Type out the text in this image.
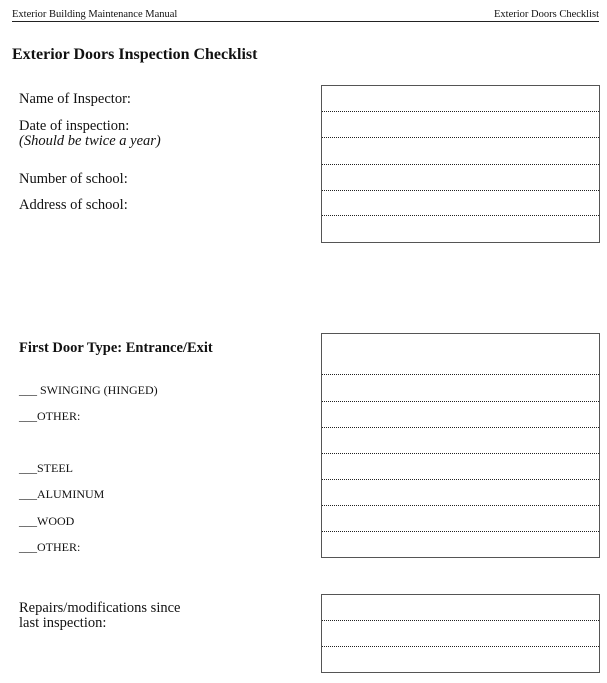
Exterior Building Maintenance Manual	Exterior Doors Checklist
Exterior Doors Inspection Checklist
Name of Inspector:
Date of inspection:
(Should be twice a year)
Number of school:
Address of school:
First Door Type: Entrance/Exit
___ SWINGING (HINGED)
___OTHER:
___STEEL
___ALUMINUM
___WOOD
___OTHER:
Repairs/modifications since
last inspection:
